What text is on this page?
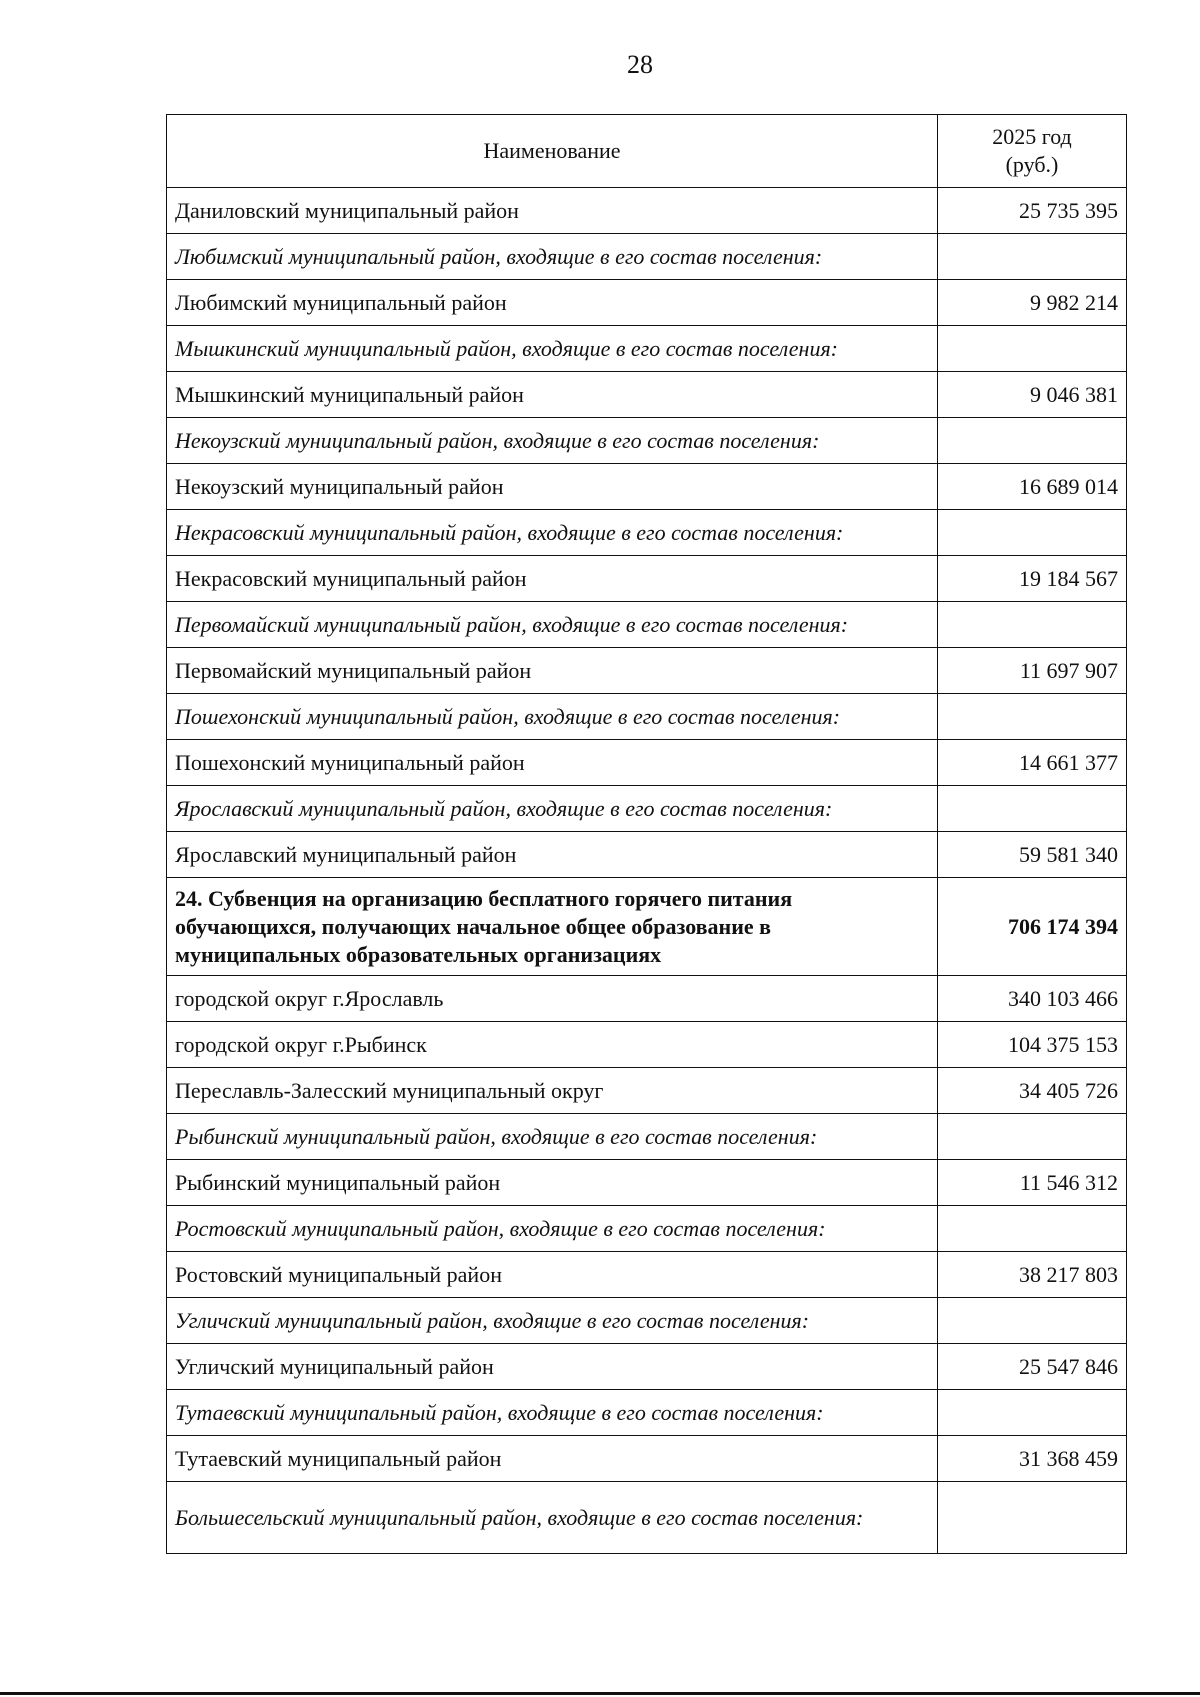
28
Наименование	2025 год
(руб.)
Даниловский муниципальный район	25 735 395
Любимский муниципальный район, входящие в его состав поселения:	
Любимский муниципальный район	9 982 214
Мышкинский муниципальный район, входящие в его состав поселения:	
Мышкинский муниципальный район	9 046 381
Некоузский муниципальный район, входящие в его состав поселения:	
Некоузский муниципальный район	16 689 014
Некрасовский муниципальный район, входящие в его состав поселения:	
Некрасовский муниципальный район	19 184 567
Первомайский муниципальный район, входящие в его состав поселения:	
Первомайский муниципальный район	11 697 907
Пошехонский муниципальный район, входящие в его состав поселения:	
Пошехонский муниципальный район	14 661 377
Ярославский муниципальный район, входящие в его состав поселения:	
Ярославский муниципальный район	59 581 340
24. Субвенция на организацию бесплатного горячего питания обучающихся, получающих начальное общее образование в муниципальных образовательных организациях	706 174 394
городской округ г.Ярославль	340 103 466
городской округ г.Рыбинск	104 375 153
Переславль-Залесский муниципальный округ	34 405 726
Рыбинский муниципальный район, входящие в его состав поселения:	
Рыбинский муниципальный район	11 546 312
Ростовский муниципальный район, входящие в его состав поселения:	
Ростовский муниципальный район	38 217 803
Угличский муниципальный район, входящие в его состав поселения:	
Угличский муниципальный район	25 547 846
Тутаевский муниципальный район, входящие в его состав поселения:	
Тутаевский муниципальный район	31 368 459
Большесельский муниципальный район, входящие в его состав поселения:	
